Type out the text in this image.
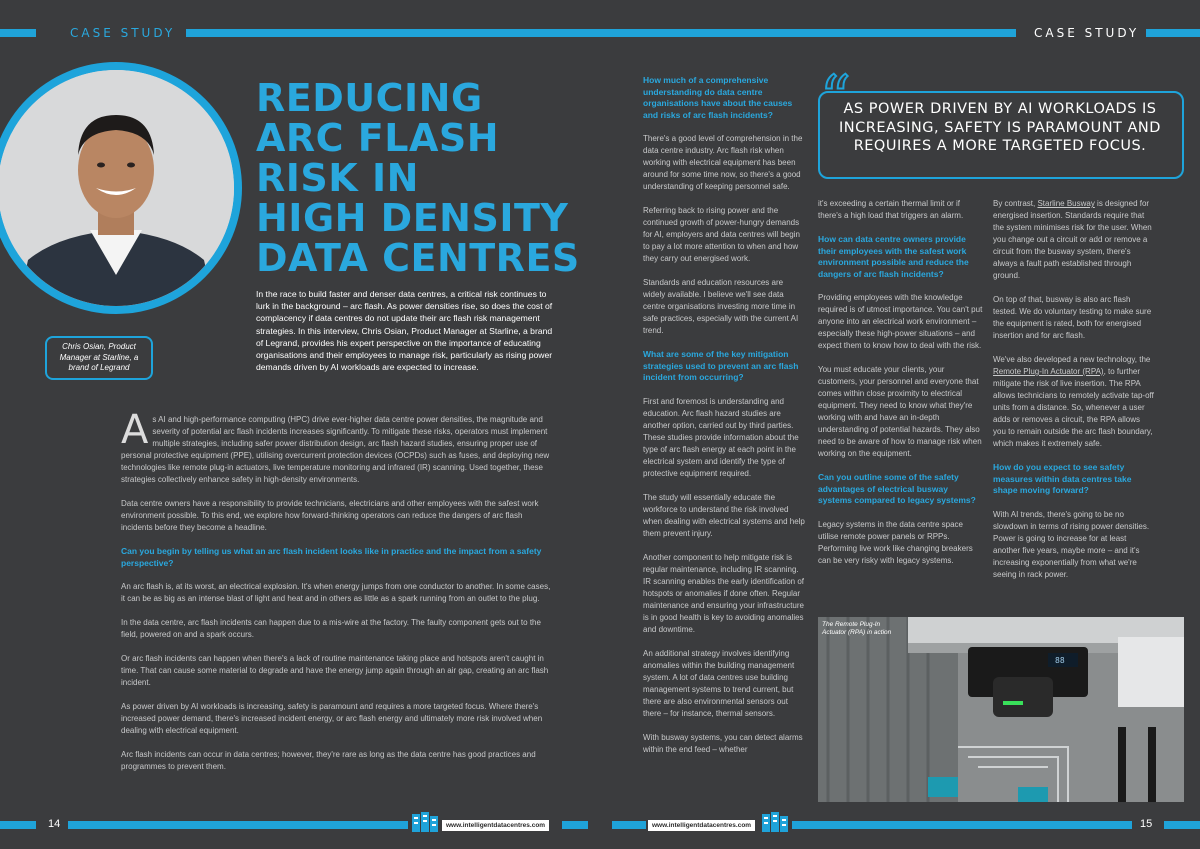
CASE STUDY	CASE STUDY
Chris Osian, Product Manager at Starline, a brand of Legrand
REDUCING
ARC FLASH
RISK IN
HIGH DENSITY
DATA CENTRES
In the race to build faster and denser data centres, a critical risk continues to lurk in the background – arc flash. As power densities rise, so does the cost of complacency if data centres do not update their arc flash risk management strategies. In this interview, Chris Osian, Product Manager at Starline, a brand of Legrand, provides his expert perspective on the importance of educating organisations and their employees to manage risk, particularly as rising power demands driven by AI workloads are expected to increase.

As AI and high-performance computing (HPC) drive ever-higher data centre power densities, the magnitude and severity of potential arc flash incidents increases significantly. To mitigate these risks, operators must implement multiple strategies, including safer power distribution design, arc flash hazard studies, ensuring proper use of personal protective equipment (PPE), utilising overcurrent protection devices (OCPDs) such as fuses, and deploying new technologies like remote plug-in actuators, live temperature monitoring and infrared (IR) scanning. Used together, these strategies collectively enhance safety in high-density environments.

Data centre owners have a responsibility to provide technicians, electricians and other employees with the safest work environment possible. To this end, we explore how forward-thinking operators can reduce the dangers of arc flash incidents before they become a headline.

Can you begin by telling us what an arc flash incident looks like in practice and the impact from a safety perspective?

An arc flash is, at its worst, an electrical explosion. It's when energy jumps from one conductor to another. In some cases, it can be as big as an intense blast of light and heat and in others as little as a spark running from an outlet to the plug.

In the data centre, arc flash incidents can happen due to a mis-wire at the factory. The faulty component gets out to the field, powered on and a spark occurs.

Or arc flash incidents can happen when there's a lack of routine maintenance taking place and hotspots aren't caught in time. That can cause some material to degrade and have the energy jump again through an air gap, creating an arc flash incident.

As power driven by AI workloads is increasing, safety is paramount and requires a more targeted focus. Where there's increased power demand, there's increased incident energy, or arc flash energy and ultimately more risk involved when dealing with electrical equipment.

Arc flash incidents can occur in data centres; however, they're rare as long as the data centre has good practices and programmes to prevent them.

How much of a comprehensive understanding do data centre organisations have about the causes and risks of arc flash incidents?

There's a good level of comprehension in the data centre industry. Arc flash risk when working with electrical equipment has been around for some time now, so there's a good understanding of keeping personnel safe.

Referring back to rising power and the continued growth of power-hungry demands for AI, employers and data centres will begin to pay a lot more attention to when and how they carry out energised work.

Standards and education resources are widely available. I believe we'll see data centre organisations investing more time in safe practices, especially with the current AI trend.

What are some of the key mitigation strategies used to prevent an arc flash incident from occurring?

First and foremost is understanding and education. Arc flash hazard studies are another option, carried out by third parties. These studies provide information about the type of arc flash energy at each point in the electrical system and identify the type of protective equipment required.

The study will essentially educate the workforce to understand the risk involved when dealing with electrical systems and help them prevent injury.

Another component to help mitigate risk is regular maintenance, including IR scanning. IR scanning enables the early identification of hotspots or anomalies if done often. Regular maintenance and ensuring your infrastructure is in good health is key to avoiding anomalies and downtime.

An additional strategy involves identifying anomalies within the building management system. A lot of data centres use building management systems to trend current, but there are also environmental sensors out there – for instance, thermal sensors.

With busway systems, you can detect alarms within the end feed – whether

“
AS POWER DRIVEN BY AI WORKLOADS IS INCREASING, SAFETY IS PARAMOUNT AND REQUIRES A MORE TARGETED FOCUS.

it's exceeding a certain thermal limit or if there's a high load that triggers an alarm.

How can data centre owners provide their employees with the safest work environment possible and reduce the dangers of arc flash incidents?

Providing employees with the knowledge required is of utmost importance. You can't put anyone into an electrical work environment – especially these high-power situations – and expect them to know how to deal with the risk.

You must educate your clients, your customers, your personnel and everyone that comes within close proximity to electrical equipment. They need to know what they're working with and have an in-depth understanding of potential hazards. They also need to be aware of how to manage risk when working on the equipment.

Can you outline some of the safety advantages of electrical busway systems compared to legacy systems?

Legacy systems in the data centre space utilise remote power panels or RPPs. Performing live work like changing breakers can be very risky with legacy systems.

By contrast, Starline Busway is designed for energised insertion. Standards require that the system minimises risk for the user. When you change out a circuit or add or remove a circuit from the busway system, there's always a fault path established through ground.

On top of that, busway is also arc flash tested. We do voluntary testing to make sure the equipment is rated, both for energised insertion and for arc flash.

We've also developed a new technology, the Remote Plug-In Actuator (RPA), to further mitigate the risk of live insertion. The RPA allows technicians to remotely activate tap-off units from a distance. So, whenever a user adds or removes a circuit, the RPA allows you to remain outside the arc flash boundary, which makes it extremely safe.

How do you expect to see safety measures within data centres take shape moving forward?

With AI trends, there's going to be no slowdown in terms of rising power densities. Power is going to increase for at least another five years, maybe more – and it's increasing exponentially from what we're seeing in rack power.

88
The Remote Plug-In Actuator (RPA) in action
14	www.intelligentdatacentres.com	www.intelligentdatacentres.com	15
